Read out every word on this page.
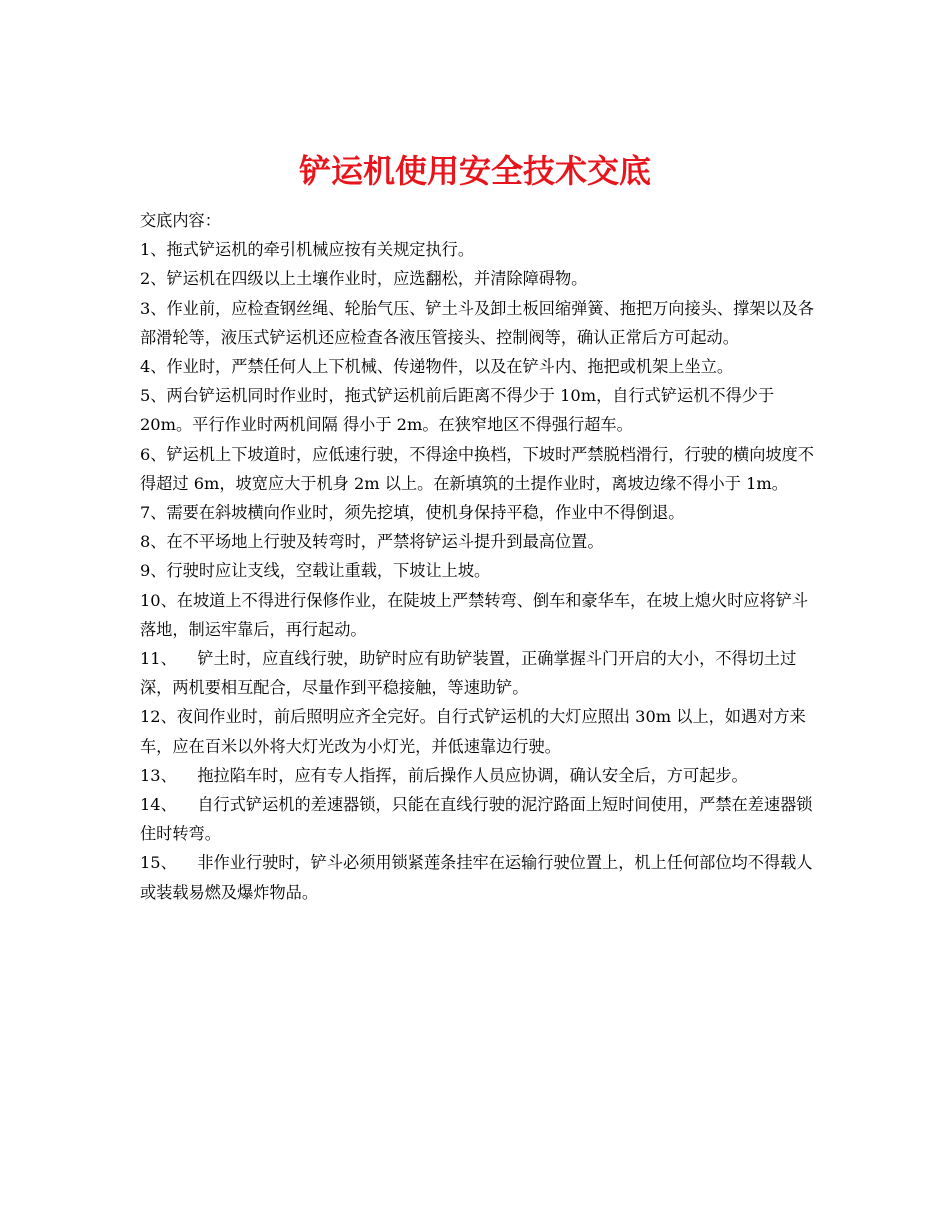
铲运机使用安全技术交底

交底内容：

1、拖式铲运机的牵引机械应按有关规定执行。

2、铲运机在四级以上土壤作业时，应选翻松，并清除障碍物。

3、作业前，应检查钢丝绳、轮胎气压、铲土斗及卸土板回缩弹簧、拖把万向接头、撑架以及各部滑轮等，液压式铲运机还应检查各液压管接头、控制阀等，确认正常后方可起动。

4、作业时，严禁任何人上下机械、传递物件，以及在铲斗内、拖把或机架上坐立。

5、两台铲运机同时作业时，拖式铲运机前后距离不得少于 10m，自行式铲运机不得少于 20m。平行作业时两机间隔 得小于 2m。在狭窄地区不得强行超车。

6、铲运机上下坡道时，应低速行驶，不得途中换档，下坡时严禁脱档滑行，行驶的横向坡度不得超过 6m，坡宽应大于机身 2m 以上。在新填筑的土提作业时，离坡边缘不得小于 1m。

7、需要在斜坡横向作业时，须先挖填，使机身保持平稳，作业中不得倒退。

8、在不平场地上行驶及转弯时，严禁将铲运斗提升到最高位置。

9、行驶时应让支线，空载让重载，下坡让上坡。

10、在坡道上不得进行保修作业，在陡坡上严禁转弯、倒车和豪华车，在坡上熄火时应将铲斗落地，制运牢靠后，再行起动。

11、    铲土时，应直线行驶，助铲时应有助铲装置，正确掌握斗门开启的大小，不得切土过深，两机要相互配合，尽量作到平稳接触，等速助铲。

12、夜间作业时，前后照明应齐全完好。自行式铲运机的大灯应照出 30m 以上，如遇对方来车，应在百米以外将大灯光改为小灯光，并低速靠边行驶。

13、    拖拉陷车时，应有专人指挥，前后操作人员应协调，确认安全后，方可起步。

14、    自行式铲运机的差速器锁，只能在直线行驶的泥泞路面上短时间使用，严禁在差速器锁住时转弯。

15、    非作业行驶时，铲斗必须用锁紧莲条挂牢在运输行驶位置上，机上任何部位均不得载人或装载易燃及爆炸物品。
